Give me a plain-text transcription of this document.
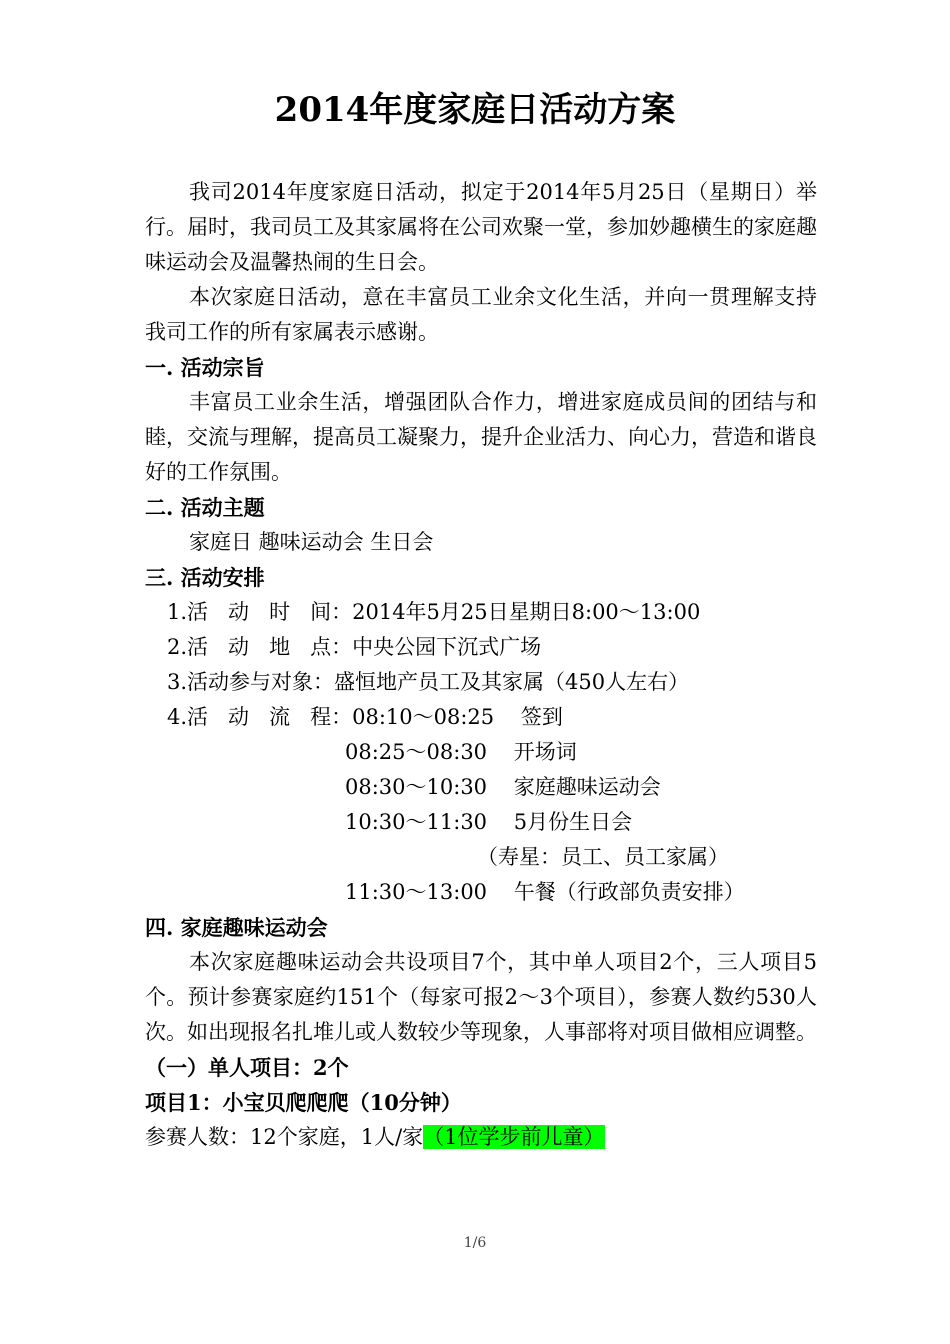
2014年度家庭日活动方案

我司2014年度家庭日活动，拟定于2014年5月25日（星期日）举行。届时，我司员工及其家属将在公司欢聚一堂，参加妙趣横生的家庭趣味运动会及温馨热闹的生日会。

本次家庭日活动，意在丰富员工业余文化生活，并向一贯理解支持我司工作的所有家属表示感谢。

一. 活动宗旨

丰富员工业余生活，增强团队合作力，增进家庭成员间的团结与和睦，交流与理解，提高员工凝聚力，提升企业活力、向心力，营造和谐良好的工作氛围。

二. 活动主题

家庭日 趣味运动会 生日会

三. 活动安排

1.活   动   时   间：2014年5月25日星期日8:00～13:00

2.活   动   地   点：中央公园下沉式广场

3.活动参与对象：盛恒地产员工及其家属（450人左右）

4.活   动   流   程：08:10～08:25    签到

08:25～08:30    开场词

08:30～10:30    家庭趣味运动会

10:30～11:30    5月份生日会

（寿星：员工、员工家属）

11:30～13:00    午餐（行政部负责安排）

四. 家庭趣味运动会

本次家庭趣味运动会共设项目7个，其中单人项目2个，三人项目5个。预计参赛家庭约151个（每家可报2～3个项目），参赛人数约530人次。如出现报名扎堆儿或人数较少等现象，人事部将对项目做相应调整。

（一）单人项目：2个

项目1：小宝贝爬爬爬（10分钟）

参赛人数：12个家庭，1人/家（1位学步前儿童）

1/6
